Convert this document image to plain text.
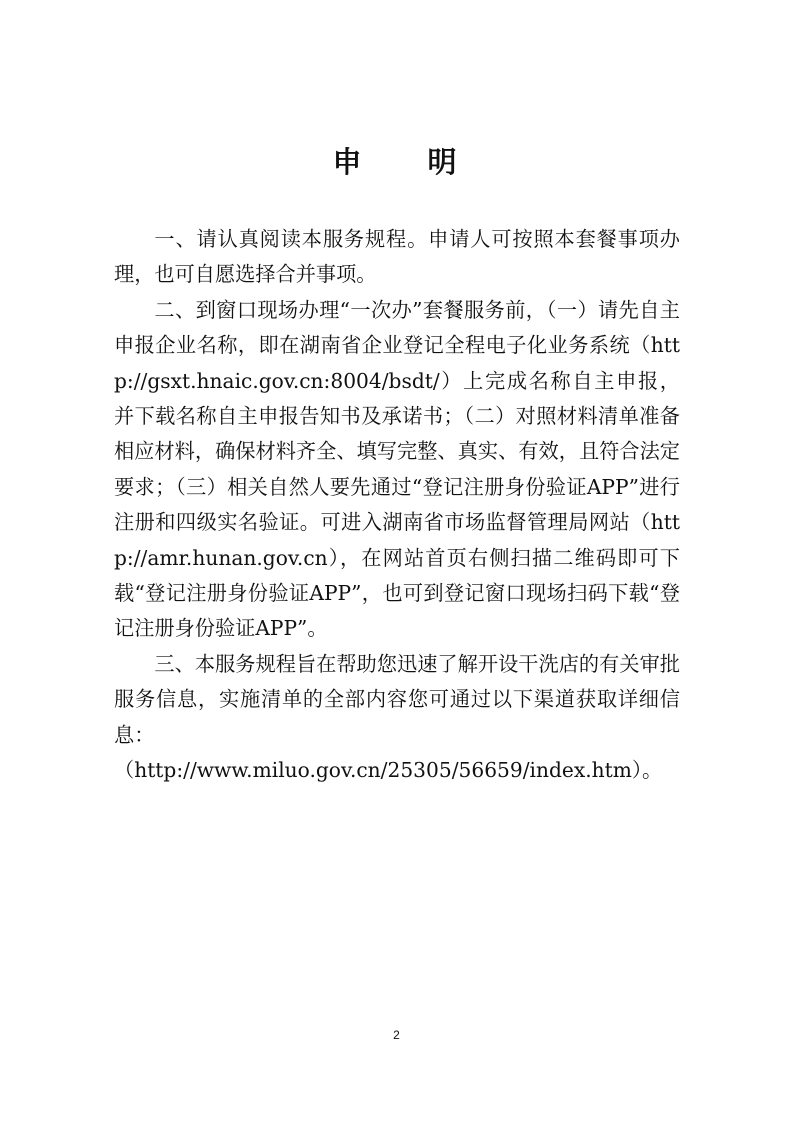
申 明

一、请认真阅读本服务规程。申请人可按照本套餐事项办理，也可自愿选择合并事项。

二、到窗口现场办理“一次办”套餐服务前，（一）请先自主申报企业名称，即在湖南省企业登记全程电子化业务系统（http://gsxt.hnaic.gov.cn:8004/bsdt/）上完成名称自主申报，并下载名称自主申报告知书及承诺书；（二）对照材料清单准备相应材料，确保材料齐全、填写完整、真实、有效，且符合法定要求；（三）相关自然人要先通过“登记注册身份验证APP”进行注册和四级实名验证。可进入湖南省市场监督管理局网站（http://amr.hunan.gov.cn），在网站首页右侧扫描二维码即可下载“登记注册身份验证APP”，也可到登记窗口现场扫码下载“登记注册身份验证APP”。

三、本服务规程旨在帮助您迅速了解开设干洗店的有关审批服务信息，实施清单的全部内容您可通过以下渠道获取详细信息：

（http://www.miluo.gov.cn/25305/56659/index.htm）。

2
